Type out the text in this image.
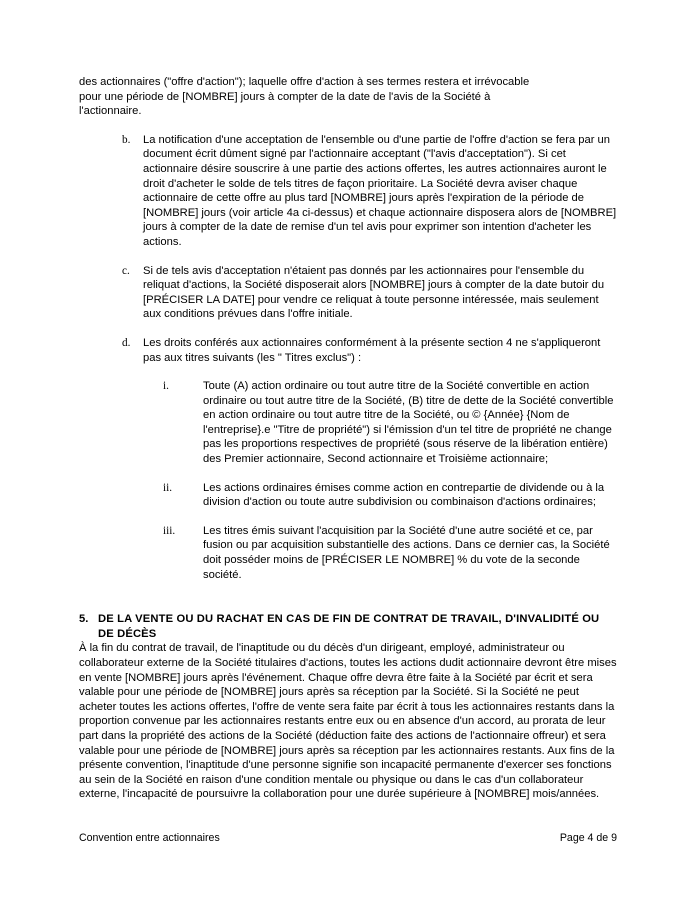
des actionnaires ("offre d'action"); laquelle offre d'action à ses termes restera et irrévocable pour une période de [NOMBRE] jours à compter de la date de l'avis de la Société à l'actionnaire.

b.	La notification d'une acceptation de l'ensemble ou d'une partie de l'offre d'action se fera par un document écrit dûment signé par l'actionnaire acceptant ("l'avis d'acceptation"). Si cet actionnaire désire souscrire à une partie des actions offertes, les autres actionnaires auront le droit d'acheter le solde de tels titres de façon prioritaire. La Société devra aviser chaque actionnaire de cette offre au plus tard [NOMBRE] jours après l'expiration de la période de [NOMBRE] jours (voir article 4a ci-dessus) et chaque actionnaire disposera alors de [NOMBRE] jours à compter de la date de remise d'un tel avis pour exprimer son intention d'acheter les actions.
c.	Si de tels avis d'acceptation n'étaient pas donnés par les actionnaires pour l'ensemble du reliquat d'actions, la Société disposerait alors [NOMBRE] jours à compter de la date butoir du [PRÉCISER LA DATE] pour vendre ce reliquat à toute personne intéressée, mais seulement aux conditions prévues dans l'offre initiale.
d.	Les droits conférés aux actionnaires conformément à la présente section 4 ne s'appliqueront pas aux titres suivants (les " Titres exclus") :
i.	Toute (A) action ordinaire ou tout autre titre de la Société convertible en action ordinaire ou tout autre titre de la Société, (B) titre de dette de la Société convertible en action ordinaire ou tout autre titre de la Société, ou © {Année} {Nom de l'entreprise}.e "Titre de propriété") si l'émission d'un tel titre de propriété ne change pas les proportions respectives de propriété (sous réserve de la libération entière) des Premier actionnaire, Second actionnaire et Troisième actionnaire;
ii.	Les actions ordinaires émises comme action en contrepartie de dividende ou à la division d'action ou toute autre subdivision ou combinaison d'actions ordinaires;
iii.	Les titres émis suivant l'acquisition par la Société d'une autre société et ce, par fusion ou par acquisition substantielle des actions. Dans ce dernier cas, la Société doit posséder moins de [PRÉCISER LE NOMBRE] % du vote de la seconde société.
5. DE LA VENTE OU DU RACHAT EN CAS DE FIN DE CONTRAT DE TRAVAIL, D'INVALIDITÉ OU DE DÉCÈS

À la fin du contrat de travail, de l'inaptitude ou du décès d'un dirigeant, employé, administrateur ou collaborateur externe de la Société titulaires d'actions, toutes les actions dudit actionnaire devront être mises en vente [NOMBRE] jours après l'événement. Chaque offre devra être faite à la Société par écrit et sera valable pour une période de [NOMBRE] jours après sa réception par la Société. Si la Société ne peut acheter toutes les actions offertes, l'offre de vente sera faite par écrit à tous les actionnaires restants dans la proportion convenue par les actionnaires restants entre eux ou en absence d'un accord, au prorata de leur part dans la propriété des actions de la Société (déduction faite des actions de l'actionnaire offreur) et sera valable pour une période de [NOMBRE] jours après sa réception par les actionnaires restants. Aux fins de la présente convention, l'inaptitude d'une personne signifie son incapacité permanente d'exercer ses fonctions au sein de la Société en raison d'une condition mentale ou physique ou dans le cas d'un collaborateur externe, l'incapacité de poursuivre la collaboration pour une durée supérieure à [NOMBRE] mois/années.

Convention entre actionnaires	Page 4 de 9
